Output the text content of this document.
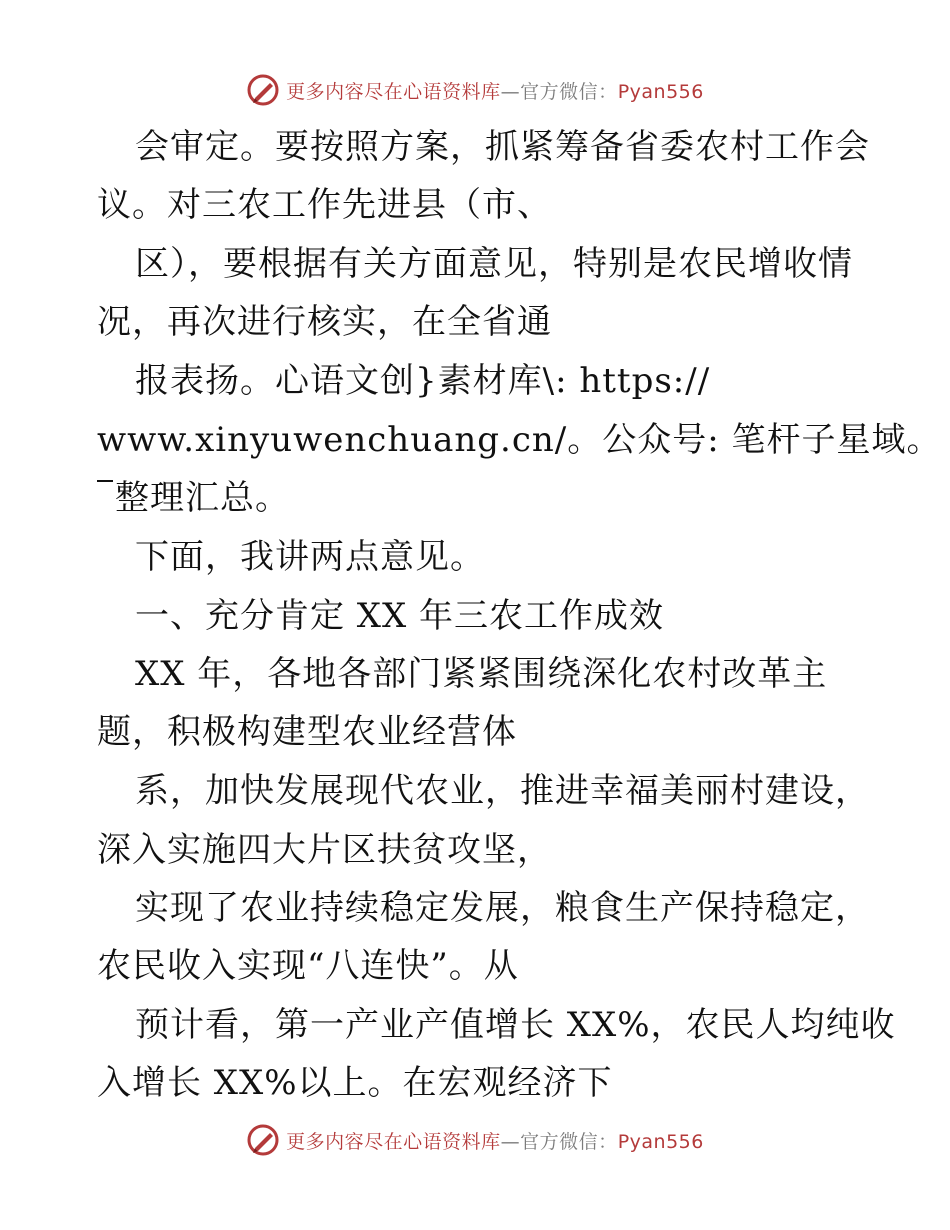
更多内容尽在心语资料库—官方微信：Pyan556
会审定。要按照方案，抓紧筹备省委农村工作会
议。对三农工作先进县（市、
区），要根据有关方面意见，特别是农民增收情
况，再次进行核实，在全省通
报表扬。心语文创}素材库\: https://
www.xinyuwenchuang.cn/。公众号: 笔杆子星域。
整理汇总。
下面，我讲两点意见。
一、充分肯定 XX 年三农工作成效
XX 年，各地各部门紧紧围绕深化农村改革主
题，积极构建型农业经营体
系，加快发展现代农业，推进幸福美丽村建设，
深入实施四大片区扶贫攻坚，
实现了农业持续稳定发展，粮食生产保持稳定，
农民收入实现“八连快”。从
预计看，第一产业产值增长 XX%，农民人均纯收
入增长 XX%以上。在宏观经济下
更多内容尽在心语资料库—官方微信：Pyan556
